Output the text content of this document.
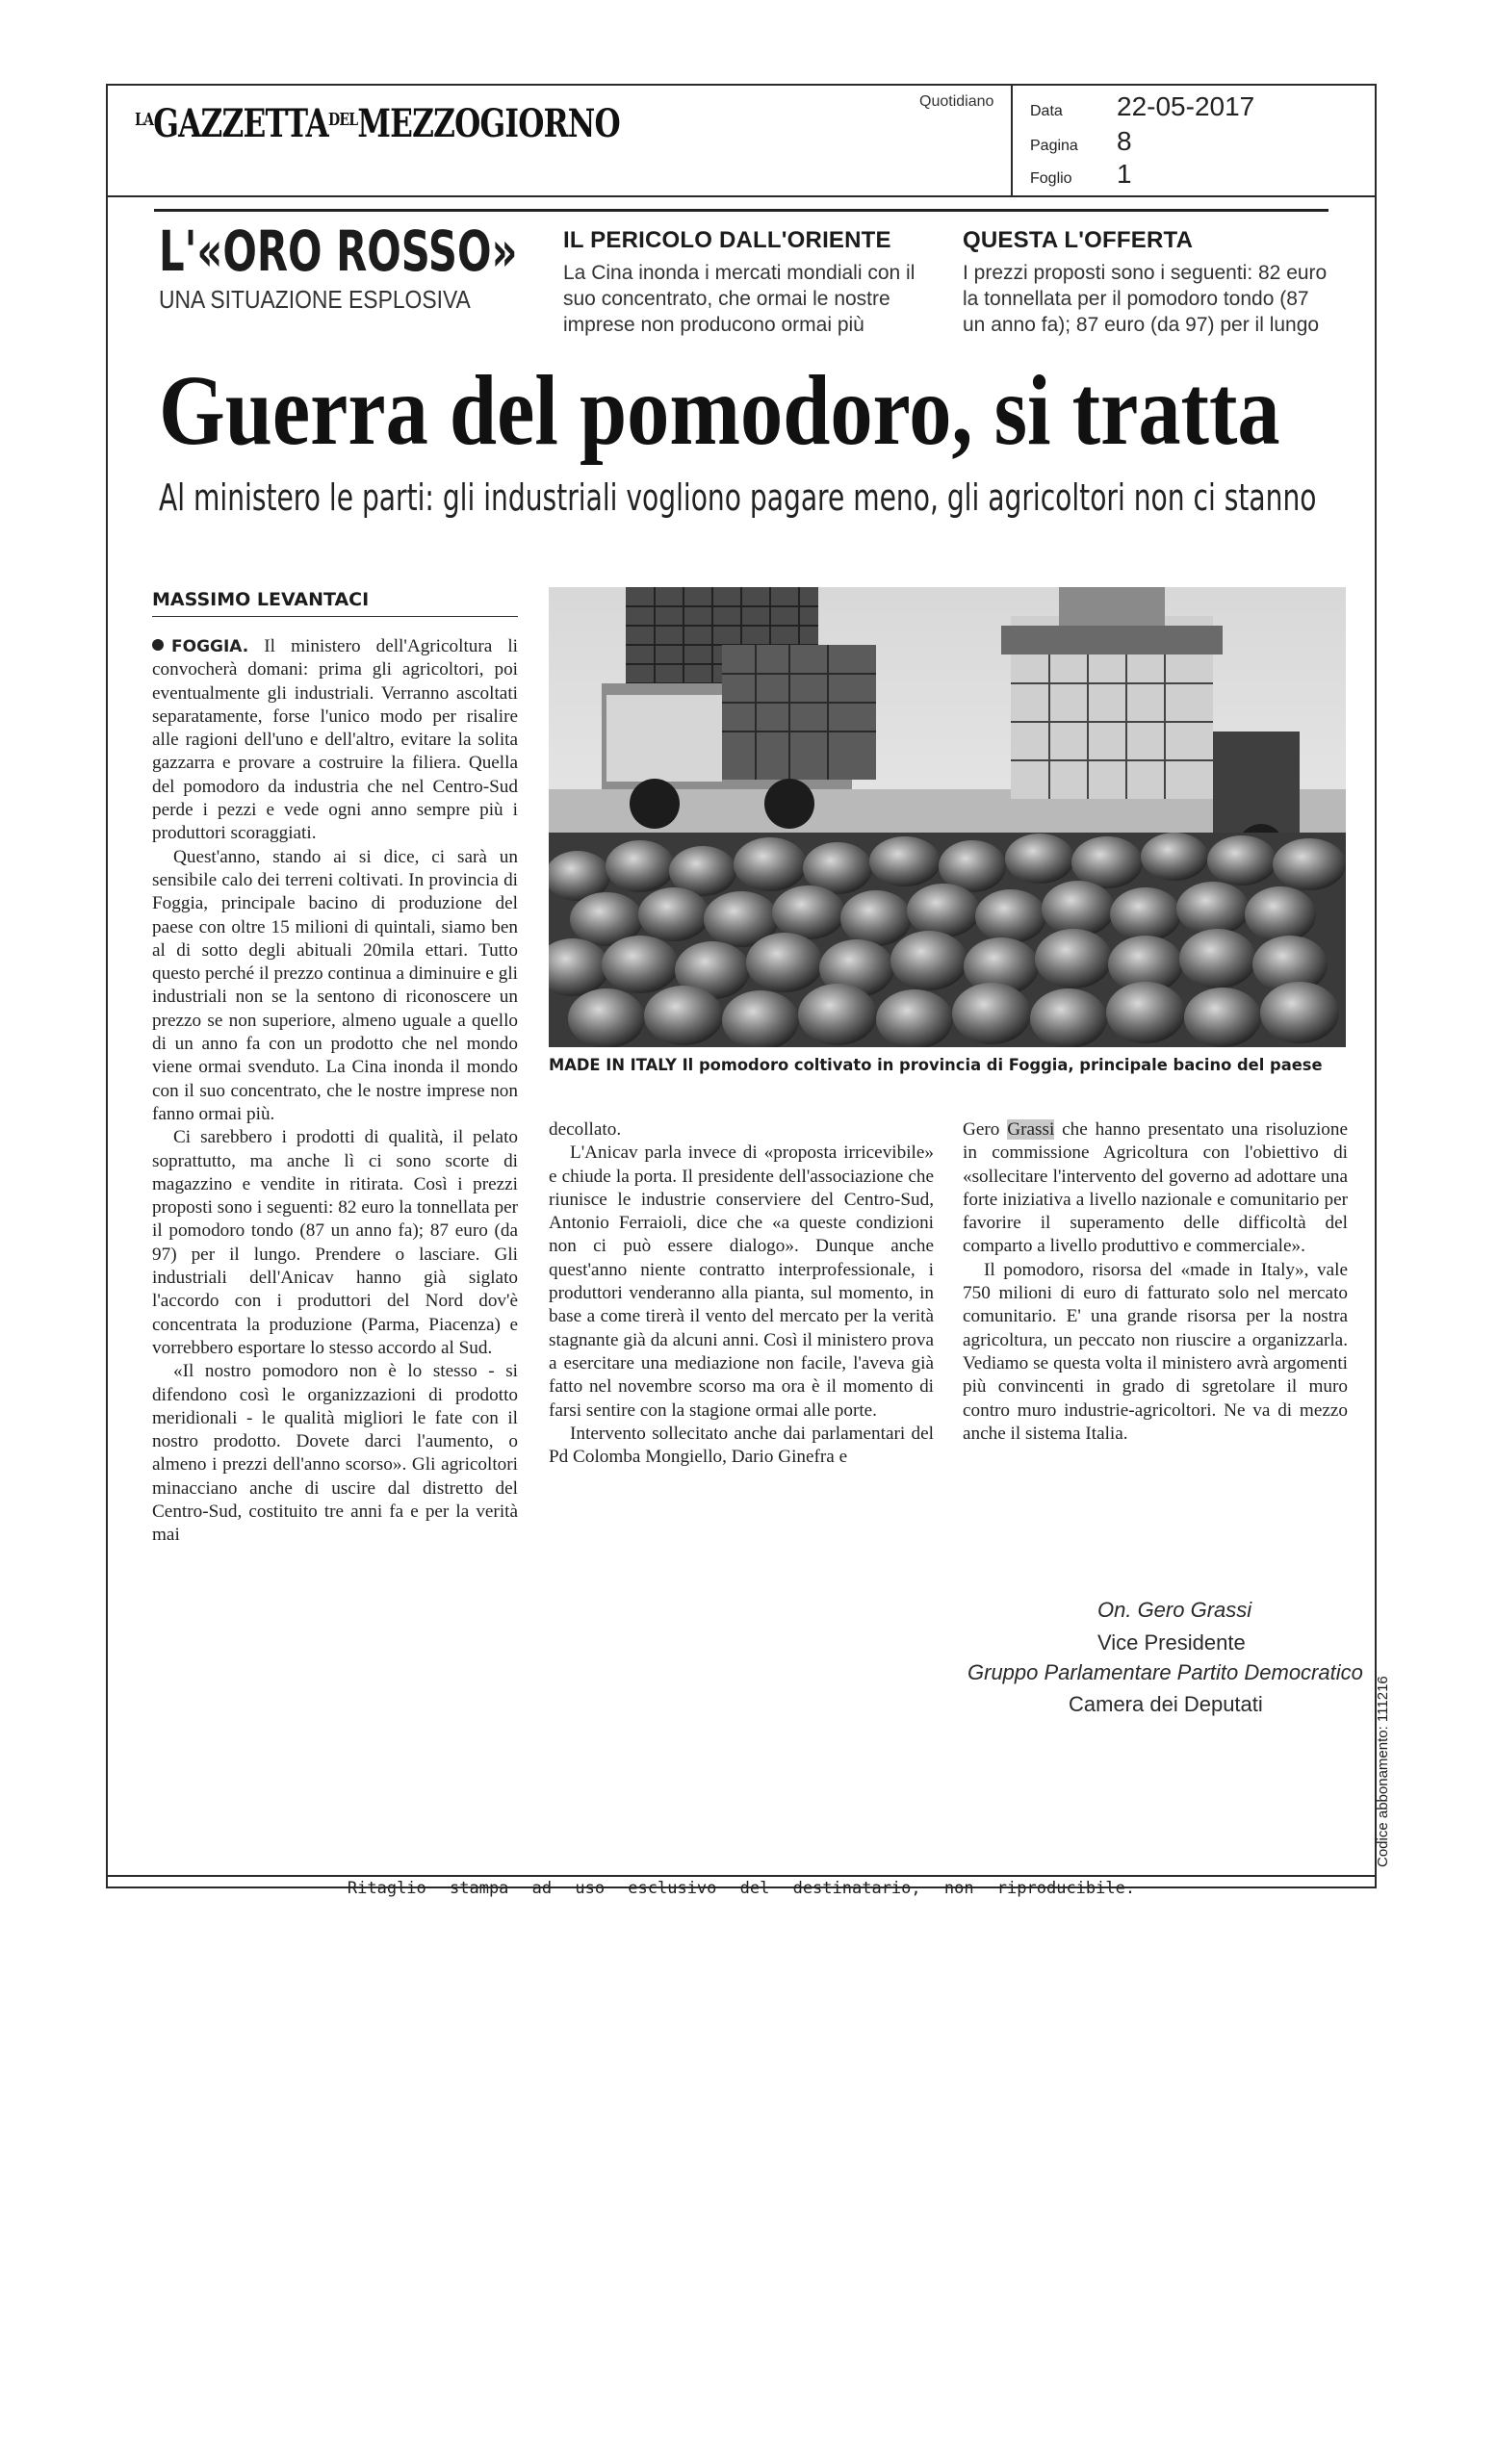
$^{LA}GAZZETTA^{DEL}MEZZOGIORNO$	Quotidiano
Data 22-05-2017
Pagina 8
Foglio 1
L'«ORO ROSSO»
UNA SITUAZIONE ESPLOSIVA
IL PERICOLO DALL'ORIENTE

La Cina inonda i mercati mondiali con il suo concentrato, che ormai le nostre imprese non producono ormai più

QUESTA L'OFFERTA

I prezzi proposti sono i seguenti: 82 euro la tonnellata per il pomodoro tondo (87 un anno fa); 87 euro (da 97) per il lungo

Guerra del pomodoro, si tratta
Al ministero le parti: gli industriali vogliono pagare meno, gli agricoltori non ci stanno
MASSIMO LEVANTACI

FOGGIA. Il ministero dell'Agricoltura li convocherà domani: prima gli agricoltori, poi eventualmente gli industriali. Verranno ascoltati separatamente, forse l'unico modo per risalire alle ragioni dell'uno e dell'altro, evitare la solita gazzarra e provare a costruire la filiera. Quella del pomodoro da industria che nel Centro-Sud perde i pezzi e vede ogni anno sempre più i produttori scoraggiati.

Quest'anno, stando ai si dice, ci sarà un sensibile calo dei terreni coltivati. In provincia di Foggia, principale bacino di produzione del paese con oltre 15 milioni di quintali, siamo ben al di sotto degli abituali 20mila ettari. Tutto questo perché il prezzo continua a diminuire e gli industriali non se la sentono di riconoscere un prezzo se non superiore, almeno uguale a quello di un anno fa con un prodotto che nel mondo viene ormai svenduto. La Cina inonda il mondo con il suo concentrato, che le nostre imprese non fanno ormai più.

Ci sarebbero i prodotti di qualità, il pelato soprattutto, ma anche lì ci sono scorte di magazzino e vendite in ritirata. Così i prezzi proposti sono i seguenti: 82 euro la tonnellata per il pomodoro tondo (87 un anno fa); 87 euro (da 97) per il lungo. Prendere o lasciare. Gli industriali dell'Anicav hanno già siglato l'accordo con i produttori del Nord dov'è concentrata la produzione (Parma, Piacenza) e vorrebbero esportare lo stesso accordo al Sud.

«Il nostro pomodoro non è lo stesso - si difendono così le organizzazioni di prodotto meridionali - le qualità migliori le fate con il nostro prodotto. Dovete darci l'aumento, o almeno i prezzi dell'anno scorso». Gli agricoltori minacciano anche di uscire dal distretto del Centro-Sud, costituito tre anni fa e per la verità mai

MADE IN ITALY Il pomodoro coltivato in provincia di Foggia, principale bacino del paese

decollato.

L'Anicav parla invece di «proposta irricevibile» e chiude la porta. Il presidente dell'associazione che riunisce le industrie conserviere del Centro-Sud, Antonio Ferraioli, dice che «a queste condizioni non ci può essere dialogo». Dunque anche quest'anno niente contratto interprofessionale, i produttori venderanno alla pianta, sul momento, in base a come tirerà il vento del mercato per la verità stagnante già da alcuni anni. Così il ministero prova a esercitare una mediazione non facile, l'aveva già fatto nel novembre scorso ma ora è il momento di farsi sentire con la stagione ormai alle porte.

Intervento sollecitato anche dai parlamentari del Pd Colomba Mongiello, Dario Ginefra e

Gero Grassi che hanno presentato una risoluzione in commissione Agricoltura con l'obiettivo di «sollecitare l'intervento del governo ad adottare una forte iniziativa a livello nazionale e comunitario per favorire il superamento delle difficoltà del comparto a livello produttivo e commerciale».

Il pomodoro, risorsa del «made in Italy», vale 750 milioni di euro di fatturato solo nel mercato comunitario. E' una grande risorsa per la nostra agricoltura, un peccato non riuscire a organizzarla. Vediamo se questa volta il ministero avrà argomenti più convincenti in grado di sgretolare il muro contro muro industrie-agricoltori. Ne va di mezzo anche il sistema Italia.

On. Gero Grassi
Vice Presidente
Gruppo Parlamentare Partito Democratico
Camera dei Deputati	Codice abbonamento: 111216
Ritaglio stampa ad uso esclusivo del destinatario, non riproducibile.
